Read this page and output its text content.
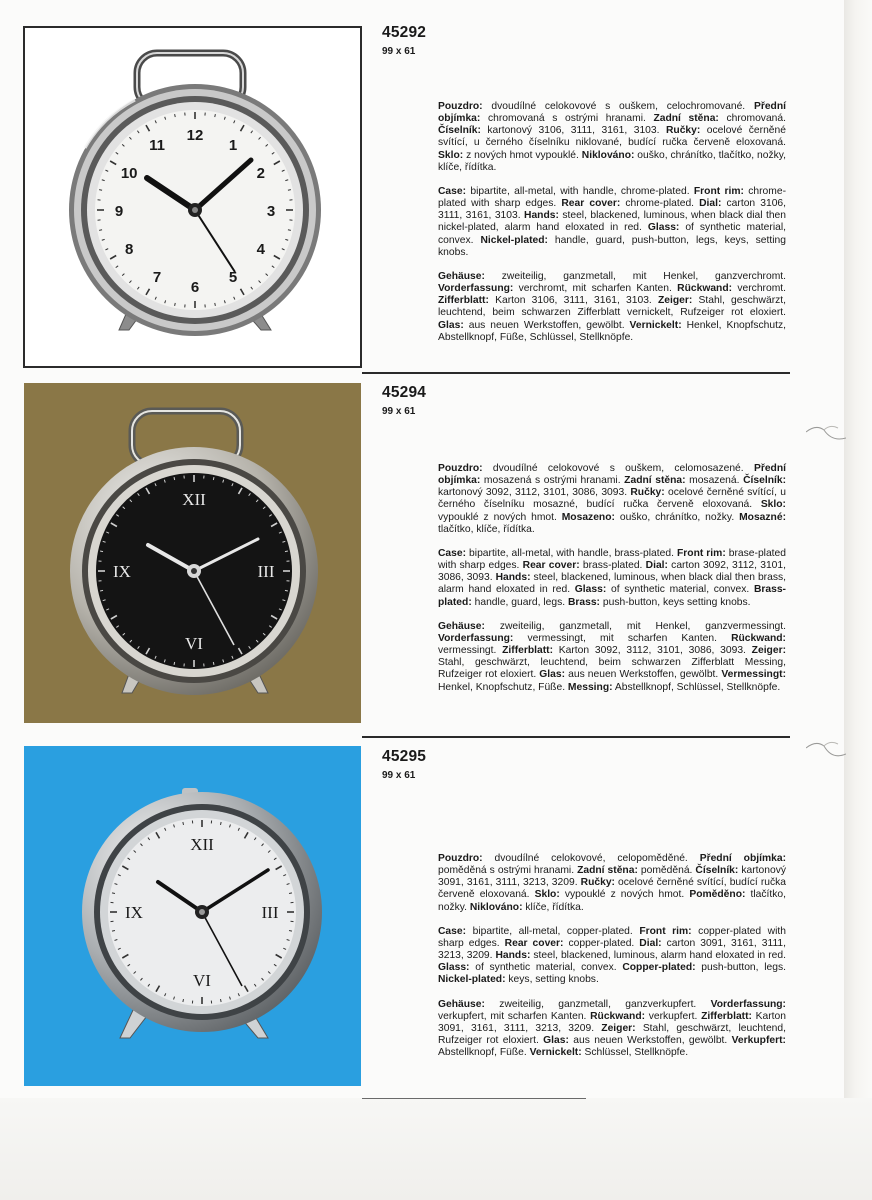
12
1
2
3
4
5
6
7
8
9
10
11
45292
99 x 61

Pouzdro: dvoudílné celokovové s ouškem, celochromované. Přední objímka: chromovaná s ostrými hranami. Zadní stěna: chromovaná. Číselník: kartonový 3106, 3111, 3161, 3103. Ručky: ocelové černěné svítící, u černého číselníku niklované, budící ručka červeně eloxovaná. Sklo: z nových hmot vypouklé. Niklováno: ouško, chránítko, tlačítko, nožky, klíče, řídítka.

Case: bipartite, all-metal, with handle, chrome-plated. Front rim: chrome-plated with sharp edges. Rear cover: chrome-plated. Dial: carton 3106, 3111, 3161, 3103. Hands: steel, blackened, luminous, when black dial then nickel-plated, alarm hand eloxated in red. Glass: of synthetic material, convex. Nickel-plated: handle, guard, push-button, legs, keys, setting knobs.

Gehäuse: zweiteilig, ganzmetall, mit Henkel, ganzverchromt. Vorderfassung: verchromt, mit scharfen Kanten. Rückwand: verchromt. Zifferblatt: Karton 3106, 3111, 3161, 3103. Zeiger: Stahl, geschwärzt, leuchtend, beim schwarzen Zifferblatt vernickelt, Rufzeiger rot eloxiert. Glas: aus neuen Werkstoffen, gewölbt. Vernickelt: Henkel, Knopfschutz, Abstellknopf, Füße, Schlüssel, Stellknöpfe.

XII
III
VI
IX
45294
99 x 61

Pouzdro: dvoudílné celokovové s ouškem, celomosazené. Přední objímka: mosazená s ostrými hranami. Zadní stěna: mosazená. Číselník: kartonový 3092, 3112, 3101, 3086, 3093. Ručky: ocelové černěné svítící, u černého číselníku mosazné, budící ručka červeně eloxovaná. Sklo: vypouklé z nových hmot. Mosazeno: ouško, chránítko, nožky. Mosazné: tlačítko, klíče, řídítka.

Case: bipartite, all-metal, with handle, brass-plated. Front rim: brase-plated with sharp edges. Rear cover: brass-plated. Dial: carton 3092, 3112, 3101, 3086, 3093. Hands: steel, blackened, luminous, when black dial then brass, alarm hand eloxated in red. Glass: of synthetic material, convex. Brass-plated: handle, guard, legs. Brass: push-button, keys setting knobs.

Gehäuse: zweiteilig, ganzmetall, mit Henkel, ganzvermessingt. Vorderfassung: vermessingt, mit scharfen Kanten. Rückwand: vermessingt. Zifferblatt: Karton 3092, 3112, 3101, 3086, 3093. Zeiger: Stahl, geschwärzt, leuchtend, beim schwarzen Zifferblatt Messing, Rufzeiger rot eloxiert. Glas: aus neuen Werkstoffen, gewölbt. Vermessingt: Henkel, Knopfschutz, Füße. Messing: Abstellknopf, Schlüssel, Stellknöpfe.

XII
III
VI
IX
45295
99 x 61

Pouzdro: dvoudílné celokovové, celopoměděné. Přední objímka: poměděná s ostrými hranami. Zadní stěna: poměděná. Číselník: kartonový 3091, 3161, 3111, 3213, 3209. Ručky: ocelové černěné svítící, budící ručka červeně eloxovaná. Sklo: vypouklé z nových hmot. Poměděno: tlačítko, nožky. Niklováno: klíče, řídítka.

Case: bipartite, all-metal, copper-plated. Front rim: copper-plated with sharp edges. Rear cover: copper-plated. Dial: carton 3091, 3161, 3111, 3213, 3209. Hands: steel, blackened, luminous, alarm hand eloxated in red. Glass: of synthetic material, convex. Copper-plated: push-button, legs. Nickel-plated: keys, setting knobs.

Gehäuse: zweiteilig, ganzmetall, ganzverkupfert. Vorderfassung: verkupfert, mit scharfen Kanten. Rückwand: verkupfert. Zifferblatt: Karton 3091, 3161, 3111, 3213, 3209. Zeiger: Stahl, geschwärzt, leuchtend, Rufzeiger rot eloxiert. Glas: aus neuen Werkstoffen, gewölbt. Verkupfert: Abstellknopf, Füße. Vernickelt: Schlüssel, Stellknöpfe.
